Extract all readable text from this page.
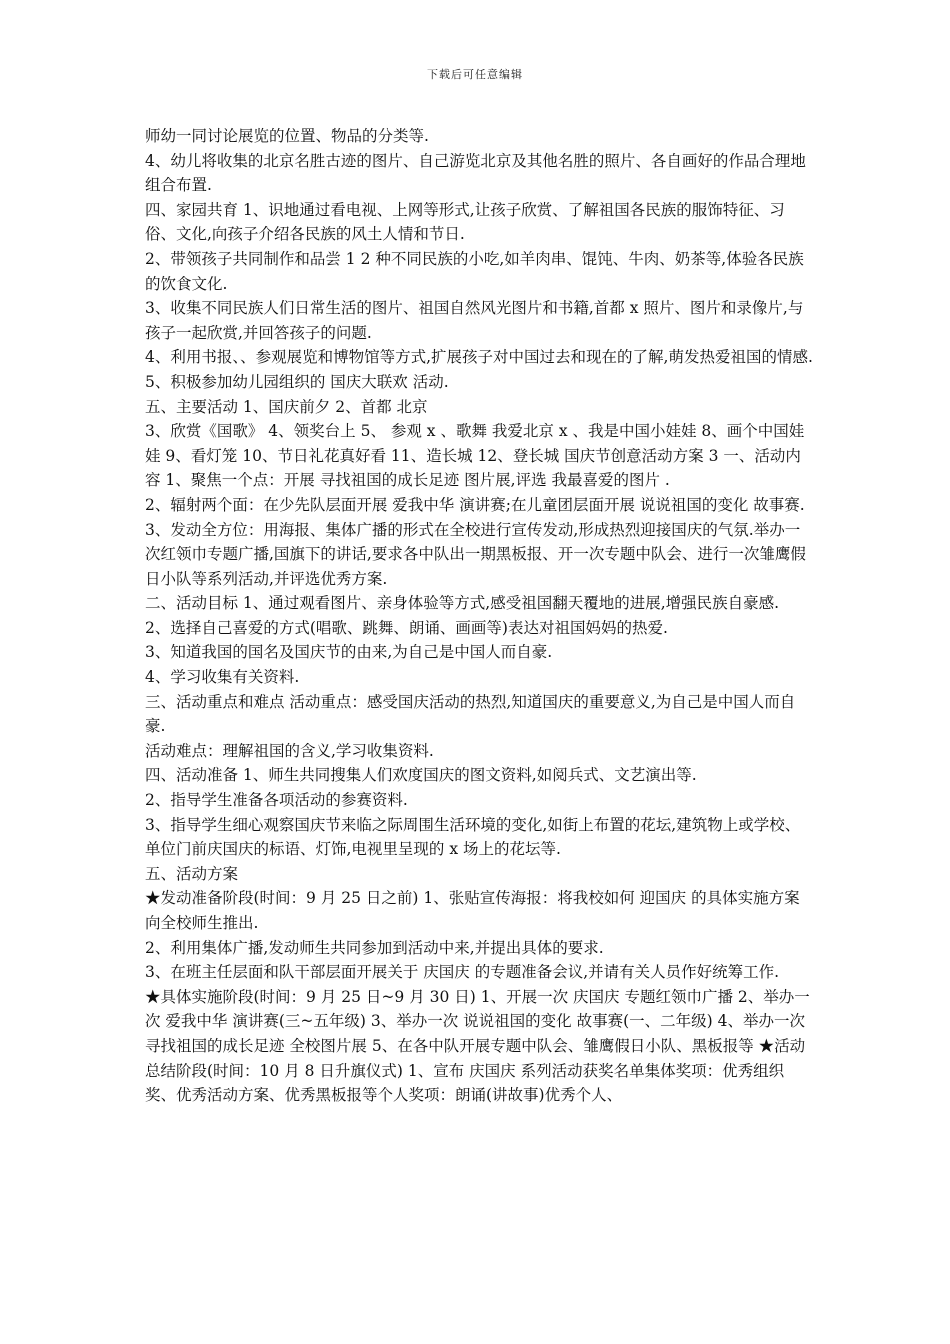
下载后可任意编辑

师幼一同讨论展览的位置、物品的分类等.

4、幼儿将收集的北京名胜古迹的图片、自己游览北京及其他名胜的照片、各自画好的作品合理地组合布置.

四、家园共育 1、识地通过看电视、上网等形式,让孩子欣赏、了解祖国各民族的服饰特征、习俗、文化,向孩子介绍各民族的风土人情和节日.

2、带领孩子共同制作和品尝 1 2 种不同民族的小吃,如羊肉串、馄饨、牛肉、奶茶等,体验各民族的饮食文化.

3、收集不同民族人们日常生活的图片、祖国自然风光图片和书籍,首都 x 照片、图片和录像片,与孩子一起欣赏,并回答孩子的问题.

4、利用书报、、参观展览和博物馆等方式,扩展孩子对中国过去和现在的了解,萌发热爱祖国的情感.

5、积极参加幼儿园组织的 国庆大联欢 活动.

五、主要活动 1、国庆前夕 2、首都 北京

3、欣赏《国歌》 4、领奖台上 5、 参观 x 、歌舞 我爱北京 x 、我是中国小娃娃 8、画个中国娃娃 9、看灯笼 10、节日礼花真好看 11、造长城 12、登长城 国庆节创意活动方案 3 一、活动内容 1、聚焦一个点：开展 寻找祖国的成长足迹 图片展,评选 我最喜爱的图片 .

2、辐射两个面：在少先队层面开展 爱我中华 演讲赛;在儿童团层面开展 说说祖国的变化 故事赛.

3、发动全方位：用海报、集体广播的形式在全校进行宣传发动,形成热烈迎接国庆的气氛.举办一次红领巾专题广播,国旗下的讲话,要求各中队出一期黑板报、开一次专题中队会、进行一次雏鹰假日小队等系列活动,并评选优秀方案.

二、活动目标 1、通过观看图片、亲身体验等方式,感受祖国翻天覆地的进展,增强民族自豪感.

2、选择自己喜爱的方式(唱歌、跳舞、朗诵、画画等)表达对祖国妈妈的热爱.

3、知道我国的国名及国庆节的由来,为自己是中国人而自豪.

4、学习收集有关资料.

三、活动重点和难点 活动重点：感受国庆活动的热烈,知道国庆的重要意义,为自己是中国人而自豪.

活动难点：理解祖国的含义,学习收集资料.

四、活动准备 1、师生共同搜集人们欢度国庆的图文资料,如阅兵式、文艺演出等.

2、指导学生准备各项活动的参赛资料.

3、指导学生细心观察国庆节来临之际周围生活环境的变化,如街上布置的花坛,建筑物上或学校、单位门前庆国庆的标语、灯饰,电视里呈现的 x 场上的花坛等.

五、活动方案

★发动准备阶段(时间：9 月 25 日之前) 1、张贴宣传海报：将我校如何 迎国庆 的具体实施方案向全校师生推出.

2、利用集体广播,发动师生共同参加到活动中来,并提出具体的要求.

3、在班主任层面和队干部层面开展关于 庆国庆 的专题准备会议,并请有关人员作好统筹工作.

★具体实施阶段(时间：9 月 25 日~9 月 30 日) 1、开展一次 庆国庆 专题红领巾广播 2、举办一次 爱我中华 演讲赛(三~五年级) 3、举办一次 说说祖国的变化 故事赛(一、二年级) 4、举办一次 寻找祖国的成长足迹 全校图片展 5、在各中队开展专题中队会、雏鹰假日小队、黑板报等 ★活动总结阶段(时间：10 月 8 日升旗仪式) 1、宣布 庆国庆 系列活动获奖名单集体奖项：优秀组织奖、优秀活动方案、优秀黑板报等个人奖项：朗诵(讲故事)优秀个人、
